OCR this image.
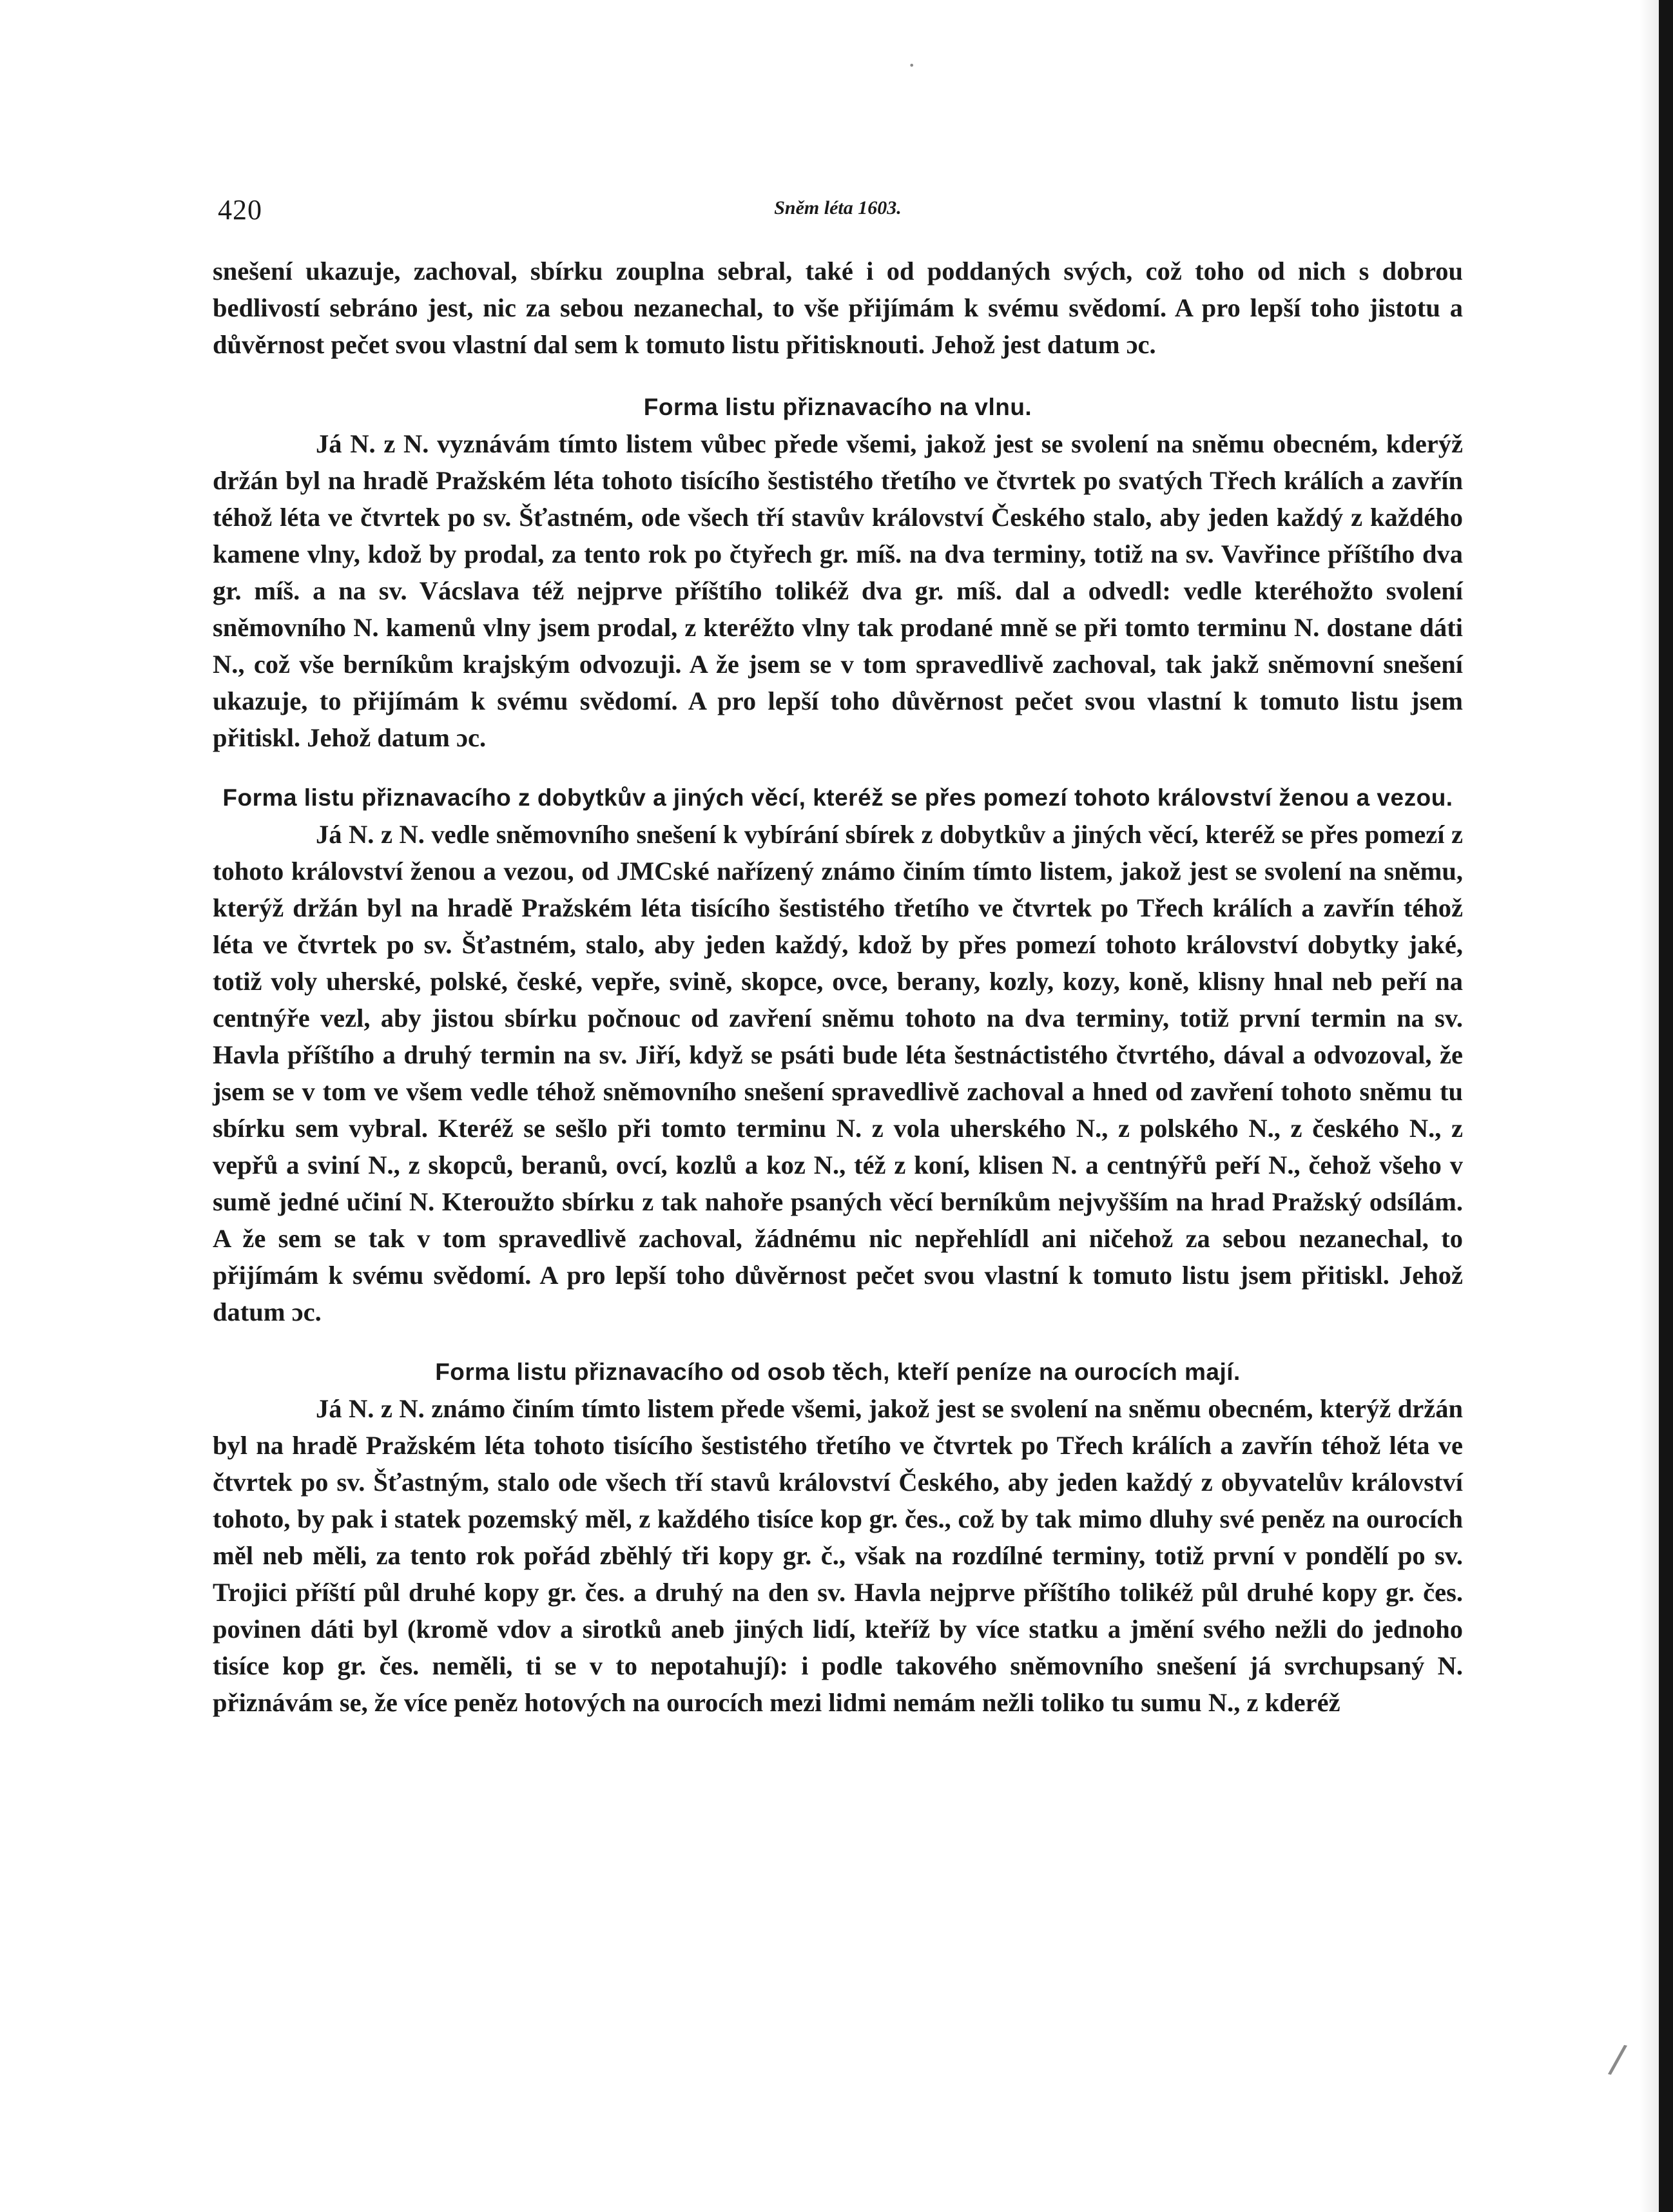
420	Sněm léta 1603.

snešení ukazuje, zachoval, sbírku zouplna sebral, také i od poddaných svých, což toho od nich s dobrou bedlivostí sebráno jest, nic za sebou nezanechal, to vše přijímám k svému svědomí. A pro lepší toho jistotu a důvěrnost pečet svou vlastní dal sem k tomuto listu přitisknouti. Jehož jest datum ɔc.

Forma listu přiznavacího na vlnu.

Já N. z N. vyznávám tímto listem vůbec přede všemi, jakož jest se svolení na sněmu obecném, kderýž držán byl na hradě Pražském léta tohoto tisícího šestistého třetího ve čtvrtek po svatých Třech králích a zavřín téhož léta ve čtvrtek po sv. Šťastném, ode všech tří stavův království Českého stalo, aby jeden každý z každého kamene vlny, kdož by prodal, za tento rok po čtyřech gr. míš. na dva terminy, totiž na sv. Vavřince příštího dva gr. míš. a na sv. Vácslava též nejprve příštího tolikéž dva gr. míš. dal a odvedl: vedle kteréhožto svolení sněmovního N. kamenů vlny jsem prodal, z kteréžto vlny tak prodané mně se při tomto terminu N. dostane dáti N., což vše berníkům krajským odvozuji. A že jsem se v tom spravedlivě zachoval, tak jakž sněmovní snešení ukazuje, to přijímám k svému svědomí. A pro lepší toho důvěrnost pečet svou vlastní k tomuto listu jsem přitiskl. Jehož datum ɔc.

Forma listu přiznavacího z dobytkův a jiných věcí, kteréž se přes pomezí tohoto království ženou a vezou.

Já N. z N. vedle sněmovního snešení k vybírání sbírek z dobytkův a jiných věcí, kteréž se přes pomezí z tohoto království ženou a vezou, od JMCské nařízený známo činím tímto listem, jakož jest se svolení na sněmu, kterýž držán byl na hradě Pražském léta tisícího šestistého třetího ve čtvrtek po Třech králích a zavřín téhož léta ve čtvrtek po sv. Šťastném, stalo, aby jeden každý, kdož by přes pomezí tohoto království dobytky jaké, totiž voly uherské, polské, české, vepře, svině, skopce, ovce, berany, kozly, kozy, koně, klisny hnal neb peří na centnýře vezl, aby jistou sbírku počnouc od zavření sněmu tohoto na dva terminy, totiž první termin na sv. Havla příštího a druhý termin na sv. Jiří, když se psáti bude léta šestnáctistého čtvrtého, dával a odvozoval, že jsem se v tom ve všem vedle téhož sněmovního snešení spravedlivě zachoval a hned od zavření tohoto sněmu tu sbírku sem vybral. Kteréž se sešlo při tomto terminu N. z vola uherského N., z polského N., z českého N., z vepřů a sviní N., z skopců, beranů, ovcí, kozlů a koz N., též z koní, klisen N. a centnýřů peří N., čehož všeho v sumě jedné učiní N. Kteroužto sbírku z tak nahoře psaných věcí berníkům nejvyšším na hrad Pražský odsílám. A že sem se tak v tom spravedlivě zachoval, žádnému nic nepřehlídl ani ničehož za sebou nezanechal, to přijímám k svému svědomí. A pro lepší toho důvěrnost pečet svou vlastní k tomuto listu jsem přitiskl. Jehož datum ɔc.

Forma listu přiznavacího od osob těch, kteří peníze na ourocích mají.

Já N. z N. známo činím tímto listem přede všemi, jakož jest se svolení na sněmu obecném, kterýž držán byl na hradě Pražském léta tohoto tisícího šestistého třetího ve čtvrtek po Třech králích a zavřín téhož léta ve čtvrtek po sv. Šťastným, stalo ode všech tří stavů království Českého, aby jeden každý z obyvatelův království tohoto, by pak i statek pozemský měl, z každého tisíce kop gr. čes., což by tak mimo dluhy své peněz na ourocích měl neb měli, za tento rok pořád zběhlý tři kopy gr. č., však na rozdílné terminy, totiž první v pondělí po sv. Trojici příští půl druhé kopy gr. čes. a druhý na den sv. Havla nejprve příštího tolikéž půl druhé kopy gr. čes. povinen dáti byl (kromě vdov a sirotků aneb jiných lidí, kteříž by více statku a jmění svého nežli do jednoho tisíce kop gr. čes. neměli, ti se v to nepotahují): i podle takového sněmovního snešení já svrchupsaný N. přiznávám se, že více peněz hotových na ourocích mezi lidmi nemám nežli toliko tu sumu N., z kderéž

•
/
